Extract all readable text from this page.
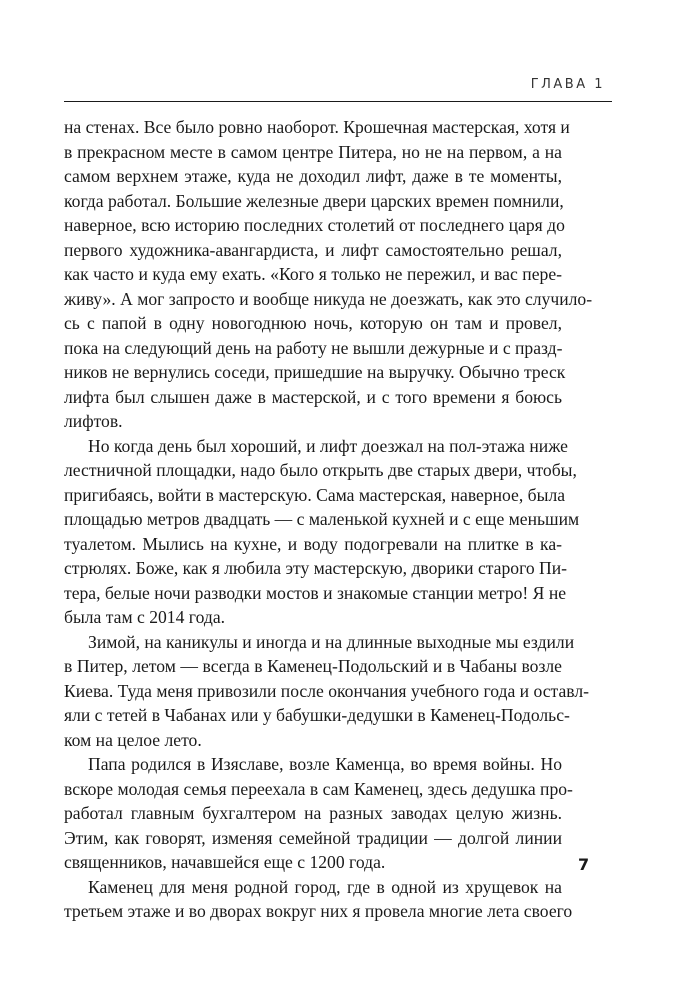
ГЛАВА 1
на стенах. Все было ровно наоборот. Крошечная мастерская, хотя и
в прекрасном месте в самом центре Питера, но не на первом, а на
самом верхнем этаже, куда не доходил лифт, даже в те моменты,
когда работал. Большие железные двери царских времен помнили,
наверное, всю историю последних столетий от последнего царя до
первого художника-авангардиста, и лифт самостоятельно решал,
как часто и куда ему ехать. «Кого я только не пережил, и вас пере-
живу». А мог запросто и вообще никуда не доезжать, как это случило-
сь с папой в одну новогоднюю ночь, которую он там и провел,
пока на следующий день на работу не вышли дежурные и с празд-
ников не вернулись соседи, пришедшие на выручку. Обычно треск
лифта был слышен даже в мастерской, и с того времени я боюсь
лифтов.
Но когда день был хороший, и лифт доезжал на пол-этажа ниже
лестничной площадки, надо было открыть две старых двери, чтобы,
пригибаясь, войти в мастерскую. Сама мастерская, наверное, была
площадью метров двадцать — с маленькой кухней и с еще меньшим
туалетом. Мылись на кухне, и воду подогревали на плитке в ка-
стрюлях. Боже, как я любила эту мастерскую, дворики старого Пи-
тера, белые ночи разводки мостов и знакомые станции метро! Я не
была там с 2014 года.
Зимой, на каникулы и иногда и на длинные выходные мы ездили
в Питер, летом — всегда в Каменец-Подольский и в Чабаны возле
Киева. Туда меня привозили после окончания учебного года и оставл-
яли с тетей в Чабанах или у бабушки-дедушки в Каменец-Подольс-
ком на целое лето.
Папа родился в Изяславе, возле Каменца, во время войны. Но
вскоре молодая семья переехала в сам Каменец, здесь дедушка про-
работал главным бухгалтером на разных заводах целую жизнь.
Этим, как говорят, изменяя семейной традиции — долгой линии
священников, начавшейся еще с 1200 года.
Каменец для меня родной город, где в одной из хрущевок на
третьем этаже и во дворах вокруг них я провела многие лета своего
7
